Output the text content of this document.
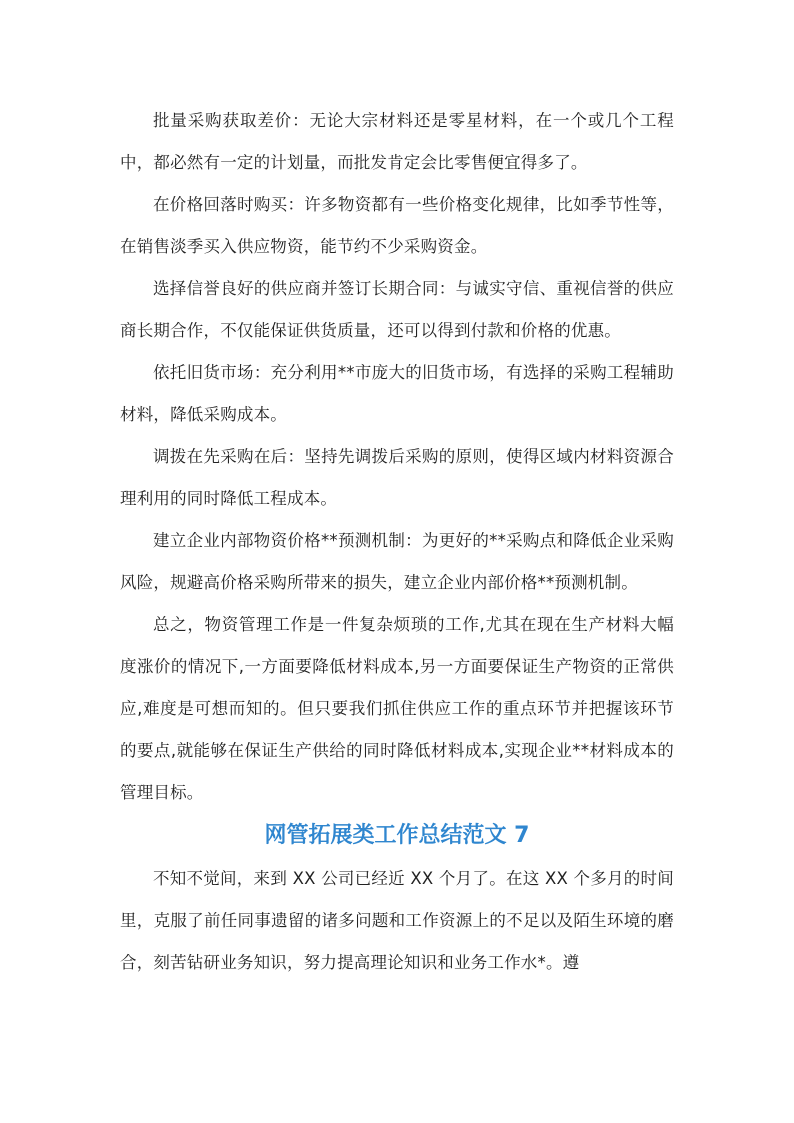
批量采购获取差价：无论大宗材料还是零星材料，在一个或几个工程中，都必然有一定的计划量，而批发肯定会比零售便宜得多了。

在价格回落时购买：许多物资都有一些价格变化规律，比如季节性等，在销售淡季买入供应物资，能节约不少采购资金。

选择信誉良好的供应商并签订长期合同：与诚实守信、重视信誉的供应商长期合作，不仅能保证供货质量，还可以得到付款和价格的优惠。

依托旧货市场：充分利用**市庞大的旧货市场，有选择的采购工程辅助材料，降低采购成本。

调拨在先采购在后：坚持先调拨后采购的原则，使得区域内材料资源合理利用的同时降低工程成本。

建立企业内部物资价格**预测机制：为更好的**采购点和降低企业采购风险，规避高价格采购所带来的损失，建立企业内部价格**预测机制。

总之，物资管理工作是一件复杂烦琐的工作,尤其在现在生产材料大幅度涨价的情况下,一方面要降低材料成本,另一方面要保证生产物资的正常供应,难度是可想而知的。但只要我们抓住供应工作的重点环节并把握该环节的要点,就能够在保证生产供给的同时降低材料成本,实现企业**材料成本的管理目标。

网管拓展类工作总结范文 7

不知不觉间，来到 XX 公司已经近 XX 个月了。在这 XX 个多月的时间里，克服了前任同事遗留的诸多问题和工作资源上的不足以及陌生环境的磨合，刻苦钻研业务知识，努力提高理论知识和业务工作水*。遵
